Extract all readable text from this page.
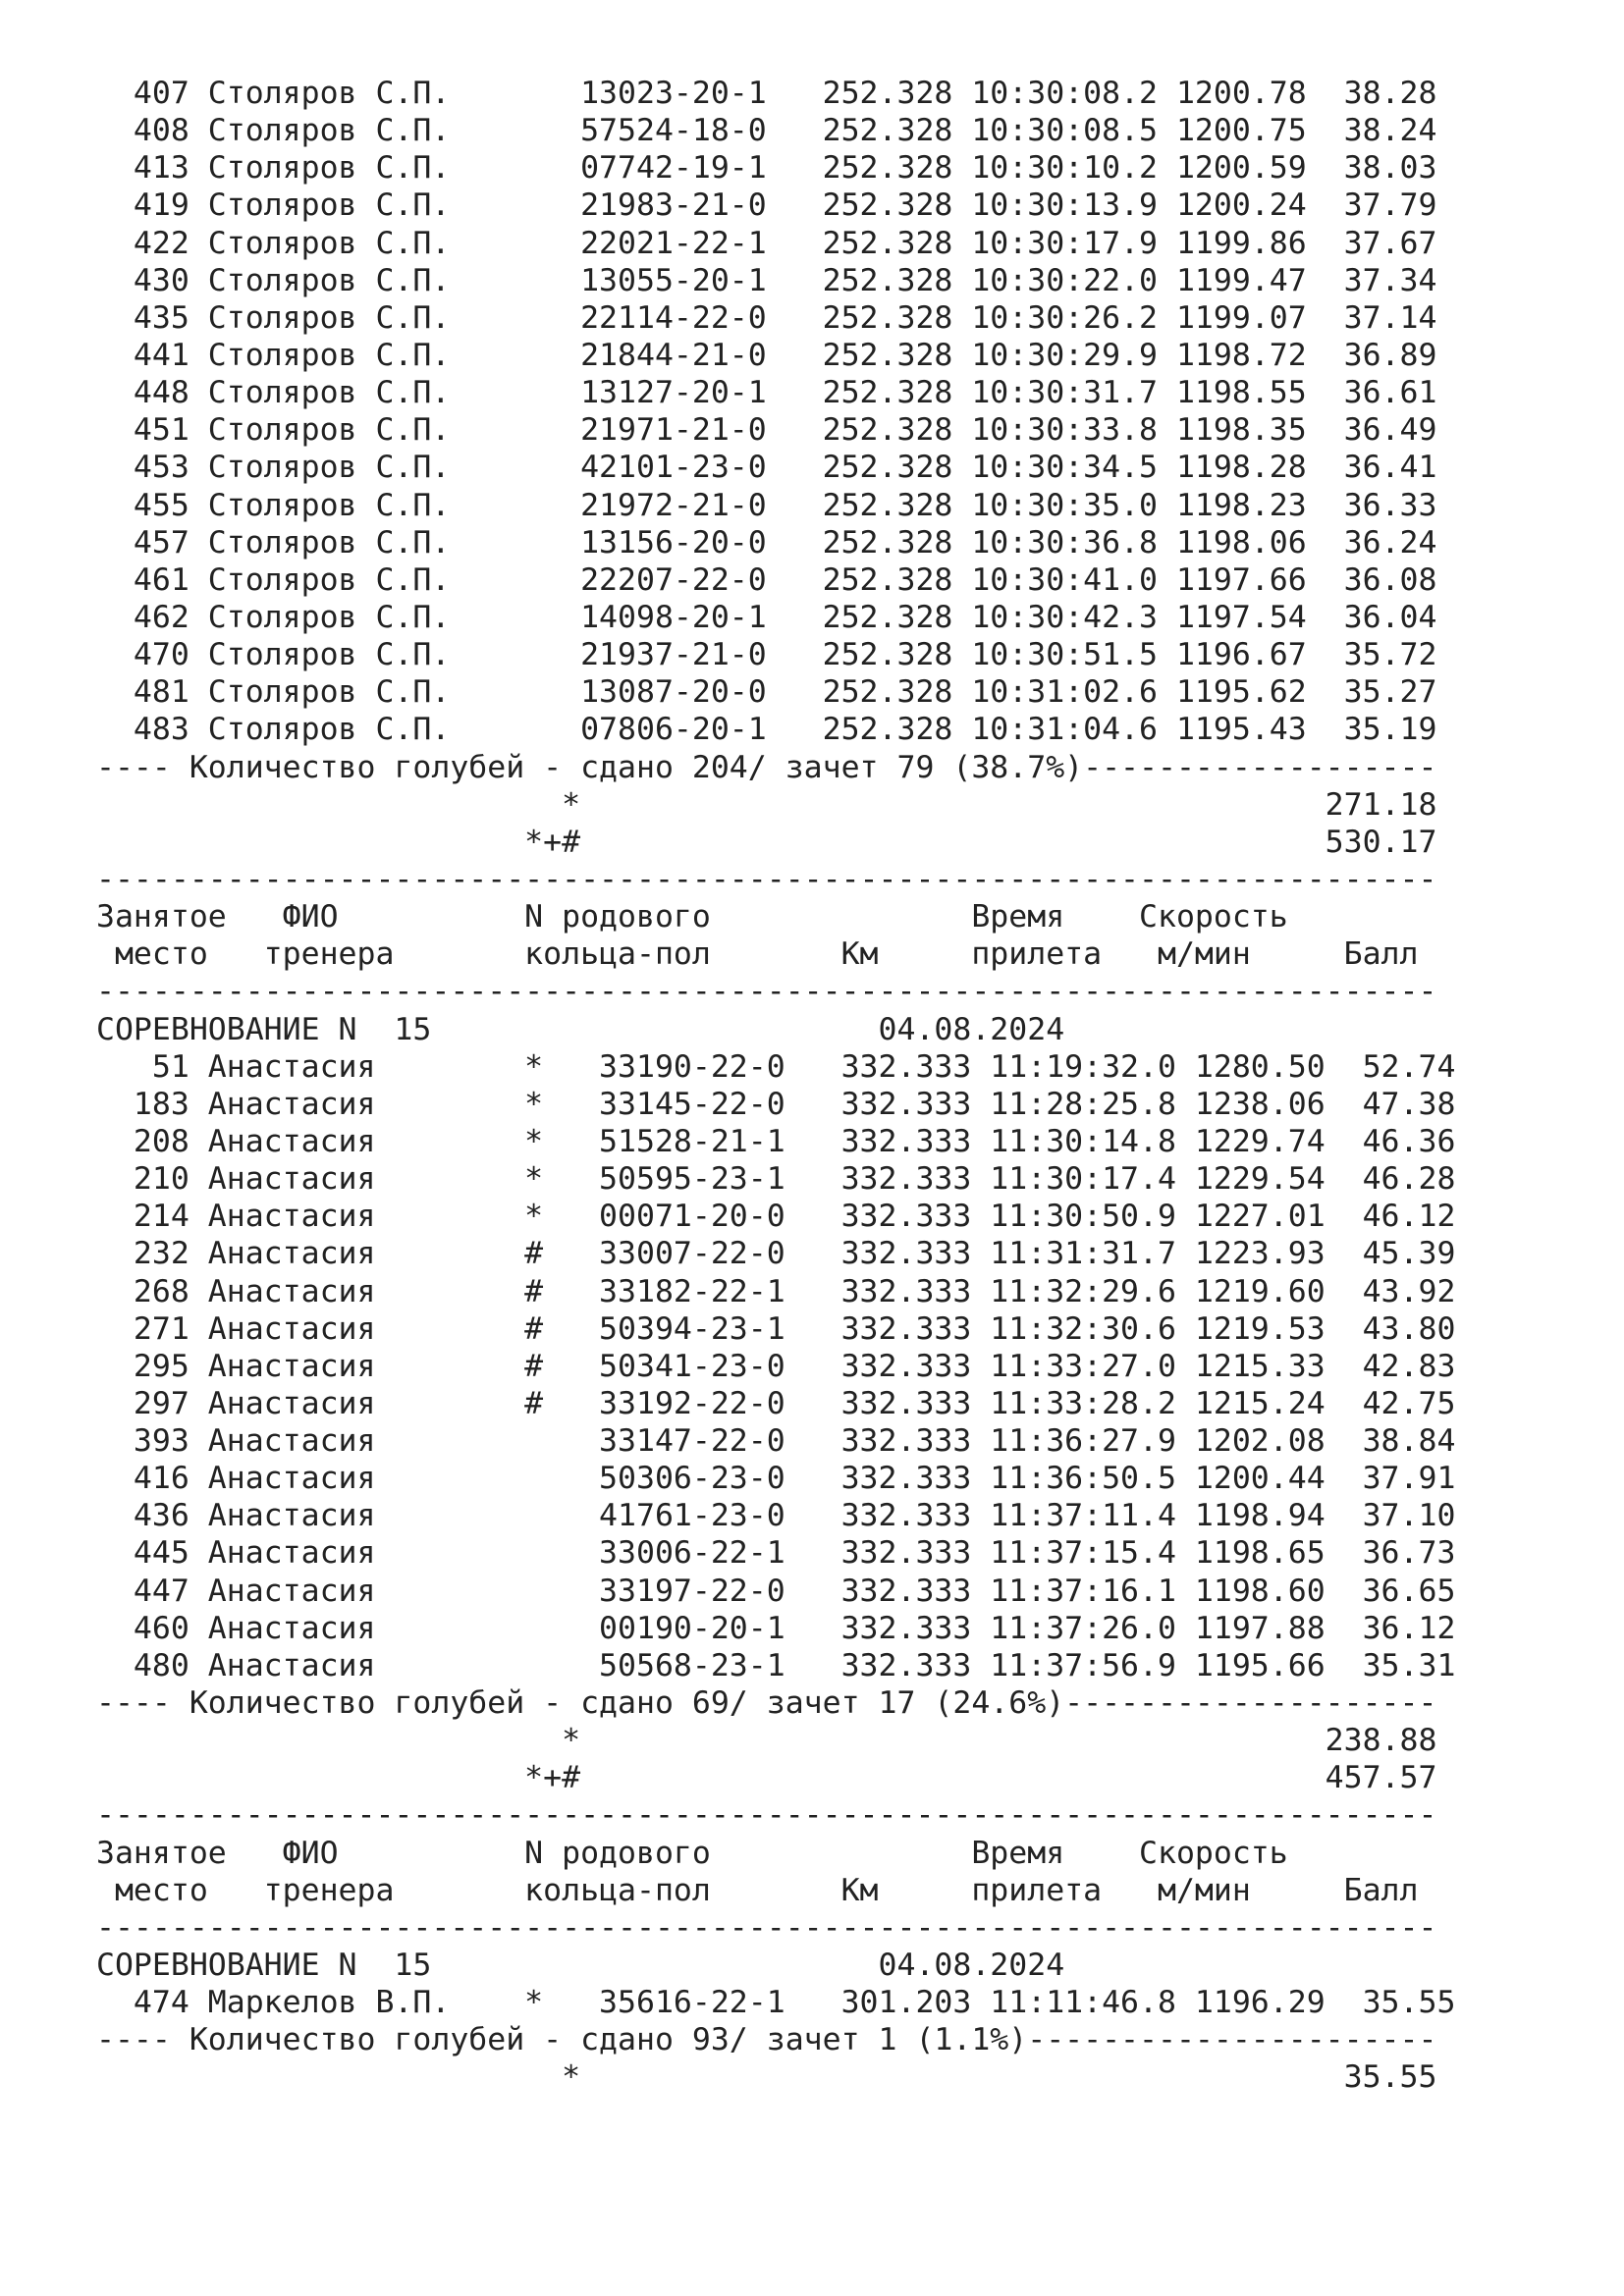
407 Столяров С.П.       13023-20-1   252.328 10:30:08.2 1200.78  38.28
408 Столяров С.П.       57524-18-0   252.328 10:30:08.5 1200.75  38.24
413 Столяров С.П.       07742-19-1   252.328 10:30:10.2 1200.59  38.03
419 Столяров С.П.       21983-21-0   252.328 10:30:13.9 1200.24  37.79
422 Столяров С.П.       22021-22-1   252.328 10:30:17.9 1199.86  37.67
430 Столяров С.П.       13055-20-1   252.328 10:30:22.0 1199.47  37.34
435 Столяров С.П.       22114-22-0   252.328 10:30:26.2 1199.07  37.14
441 Столяров С.П.       21844-21-0   252.328 10:30:29.9 1198.72  36.89
448 Столяров С.П.       13127-20-1   252.328 10:30:31.7 1198.55  36.61
451 Столяров С.П.       21971-21-0   252.328 10:30:33.8 1198.35  36.49
453 Столяров С.П.       42101-23-0   252.328 10:30:34.5 1198.28  36.41
455 Столяров С.П.       21972-21-0   252.328 10:30:35.0 1198.23  36.33
457 Столяров С.П.       13156-20-0   252.328 10:30:36.8 1198.06  36.24
461 Столяров С.П.       22207-22-0   252.328 10:30:41.0 1197.66  36.08
462 Столяров С.П.       14098-20-1   252.328 10:30:42.3 1197.54  36.04
470 Столяров С.П.       21937-21-0   252.328 10:30:51.5 1196.67  35.72
481 Столяров С.П.       13087-20-0   252.328 10:31:02.6 1195.62  35.27
483 Столяров С.П.       07806-20-1   252.328 10:31:04.6 1195.43  35.19
---- Количество голубей - сдано 204/ зачет 79 (38.7%)-------------------
*                                        271.18
*+#                                        530.17
------------------------------------------------------------------------
Занятое   ФИО          N родового              Время    Скорость
место   тренера       кольца-пол       Км     прилета   м/мин     Балл
------------------------------------------------------------------------
СОРЕВНОВАНИЕ N  15                        04.08.2024
51 Анастасия        *   33190-22-0   332.333 11:19:32.0 1280.50  52.74
183 Анастасия        *   33145-22-0   332.333 11:28:25.8 1238.06  47.38
208 Анастасия        *   51528-21-1   332.333 11:30:14.8 1229.74  46.36
210 Анастасия        *   50595-23-1   332.333 11:30:17.4 1229.54  46.28
214 Анастасия        *   00071-20-0   332.333 11:30:50.9 1227.01  46.12
232 Анастасия        #   33007-22-0   332.333 11:31:31.7 1223.93  45.39
268 Анастасия        #   33182-22-1   332.333 11:32:29.6 1219.60  43.92
271 Анастасия        #   50394-23-1   332.333 11:32:30.6 1219.53  43.80
295 Анастасия        #   50341-23-0   332.333 11:33:27.0 1215.33  42.83
297 Анастасия        #   33192-22-0   332.333 11:33:28.2 1215.24  42.75
393 Анастасия            33147-22-0   332.333 11:36:27.9 1202.08  38.84
416 Анастасия            50306-23-0   332.333 11:36:50.5 1200.44  37.91
436 Анастасия            41761-23-0   332.333 11:37:11.4 1198.94  37.10
445 Анастасия            33006-22-1   332.333 11:37:15.4 1198.65  36.73
447 Анастасия            33197-22-0   332.333 11:37:16.1 1198.60  36.65
460 Анастасия            00190-20-1   332.333 11:37:26.0 1197.88  36.12
480 Анастасия            50568-23-1   332.333 11:37:56.9 1195.66  35.31
---- Количество голубей - сдано 69/ зачет 17 (24.6%)--------------------
*                                        238.88
*+#                                        457.57
------------------------------------------------------------------------
Занятое   ФИО          N родового              Время    Скорость
место   тренера       кольца-пол       Км     прилета   м/мин     Балл
------------------------------------------------------------------------
СОРЕВНОВАНИЕ N  15                        04.08.2024
474 Маркелов В.П.    *   35616-22-1   301.203 11:11:46.8 1196.29  35.55
---- Количество голубей - сдано 93/ зачет 1 (1.1%)----------------------
*                                         35.55
